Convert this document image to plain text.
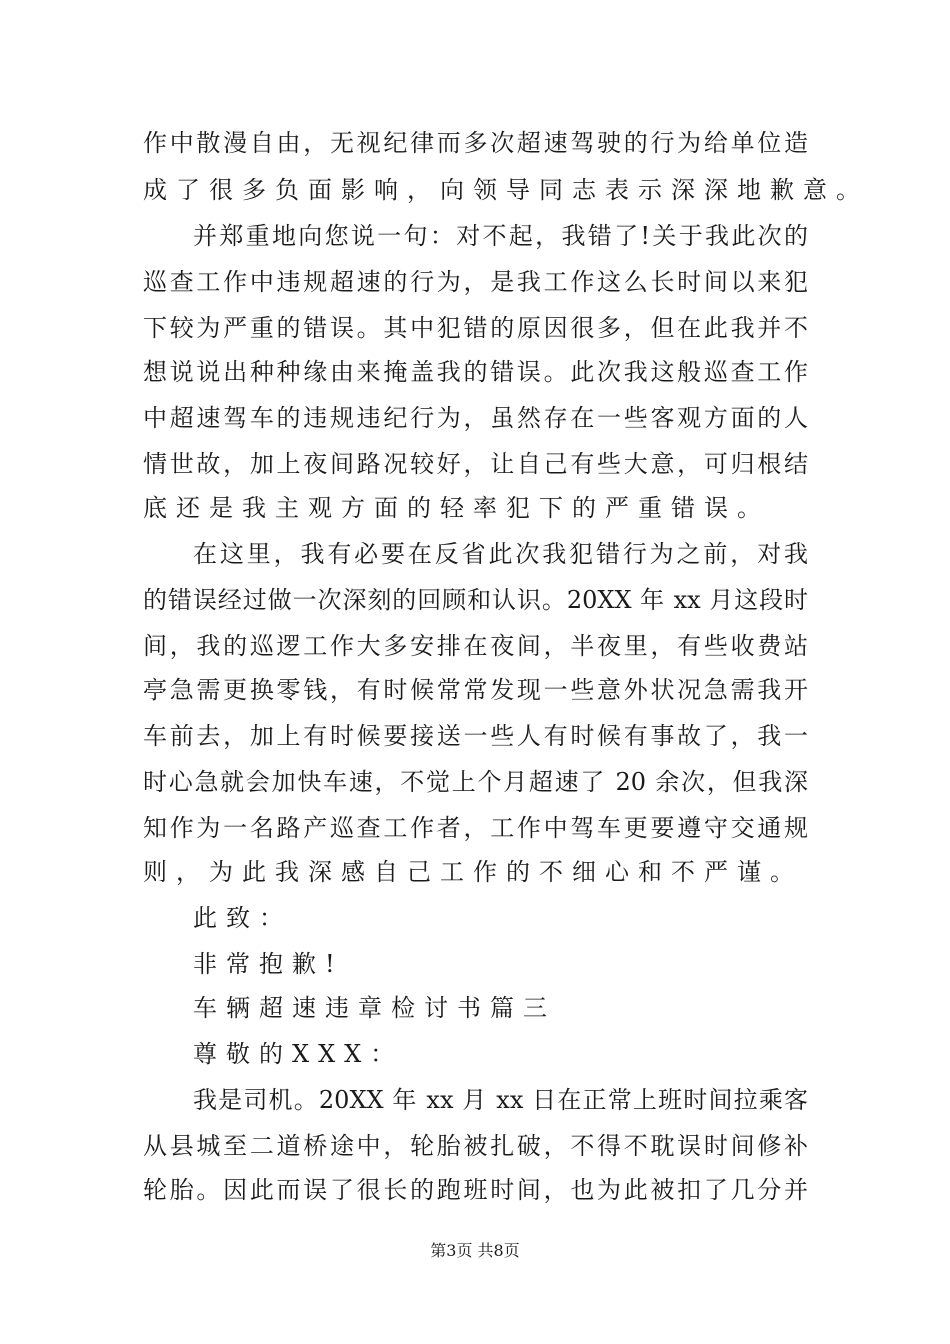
作中散漫自由，无视纪律而多次超速驾驶的行为给单位造
成了很多负面影响，向领导同志表示深深地歉意。
并郑重地向您说一句：对不起，我错了!关于我此次的
巡查工作中违规超速的行为，是我工作这么长时间以来犯
下较为严重的错误。其中犯错的原因很多，但在此我并不
想说说出种种缘由来掩盖我的错误。此次我这般巡查工作
中超速驾车的违规违纪行为，虽然存在一些客观方面的人
情世故，加上夜间路况较好，让自己有些大意，可归根结
底还是我主观方面的轻率犯下的严重错误。
在这里，我有必要在反省此次我犯错行为之前，对我
的错误经过做一次深刻的回顾和认识。20XX 年 xx 月这段时
间，我的巡逻工作大多安排在夜间，半夜里，有些收费站
亭急需更换零钱，有时候常常发现一些意外状况急需我开
车前去，加上有时候要接送一些人有时候有事故了，我一
时心急就会加快车速，不觉上个月超速了 20 余次，但我深
知作为一名路产巡查工作者，工作中驾车更要遵守交通规
则，为此我深感自己工作的不细心和不严谨。
此致：
非常抱歉!
车辆超速违章检讨书篇三
尊敬的XXX：
我是司机。20XX 年 xx 月 xx 日在正常上班时间拉乘客
从县城至二道桥途中，轮胎被扎破，不得不耽误时间修补
轮胎。因此而误了很长的跑班时间，也为此被扣了几分并
第3页 共8页
